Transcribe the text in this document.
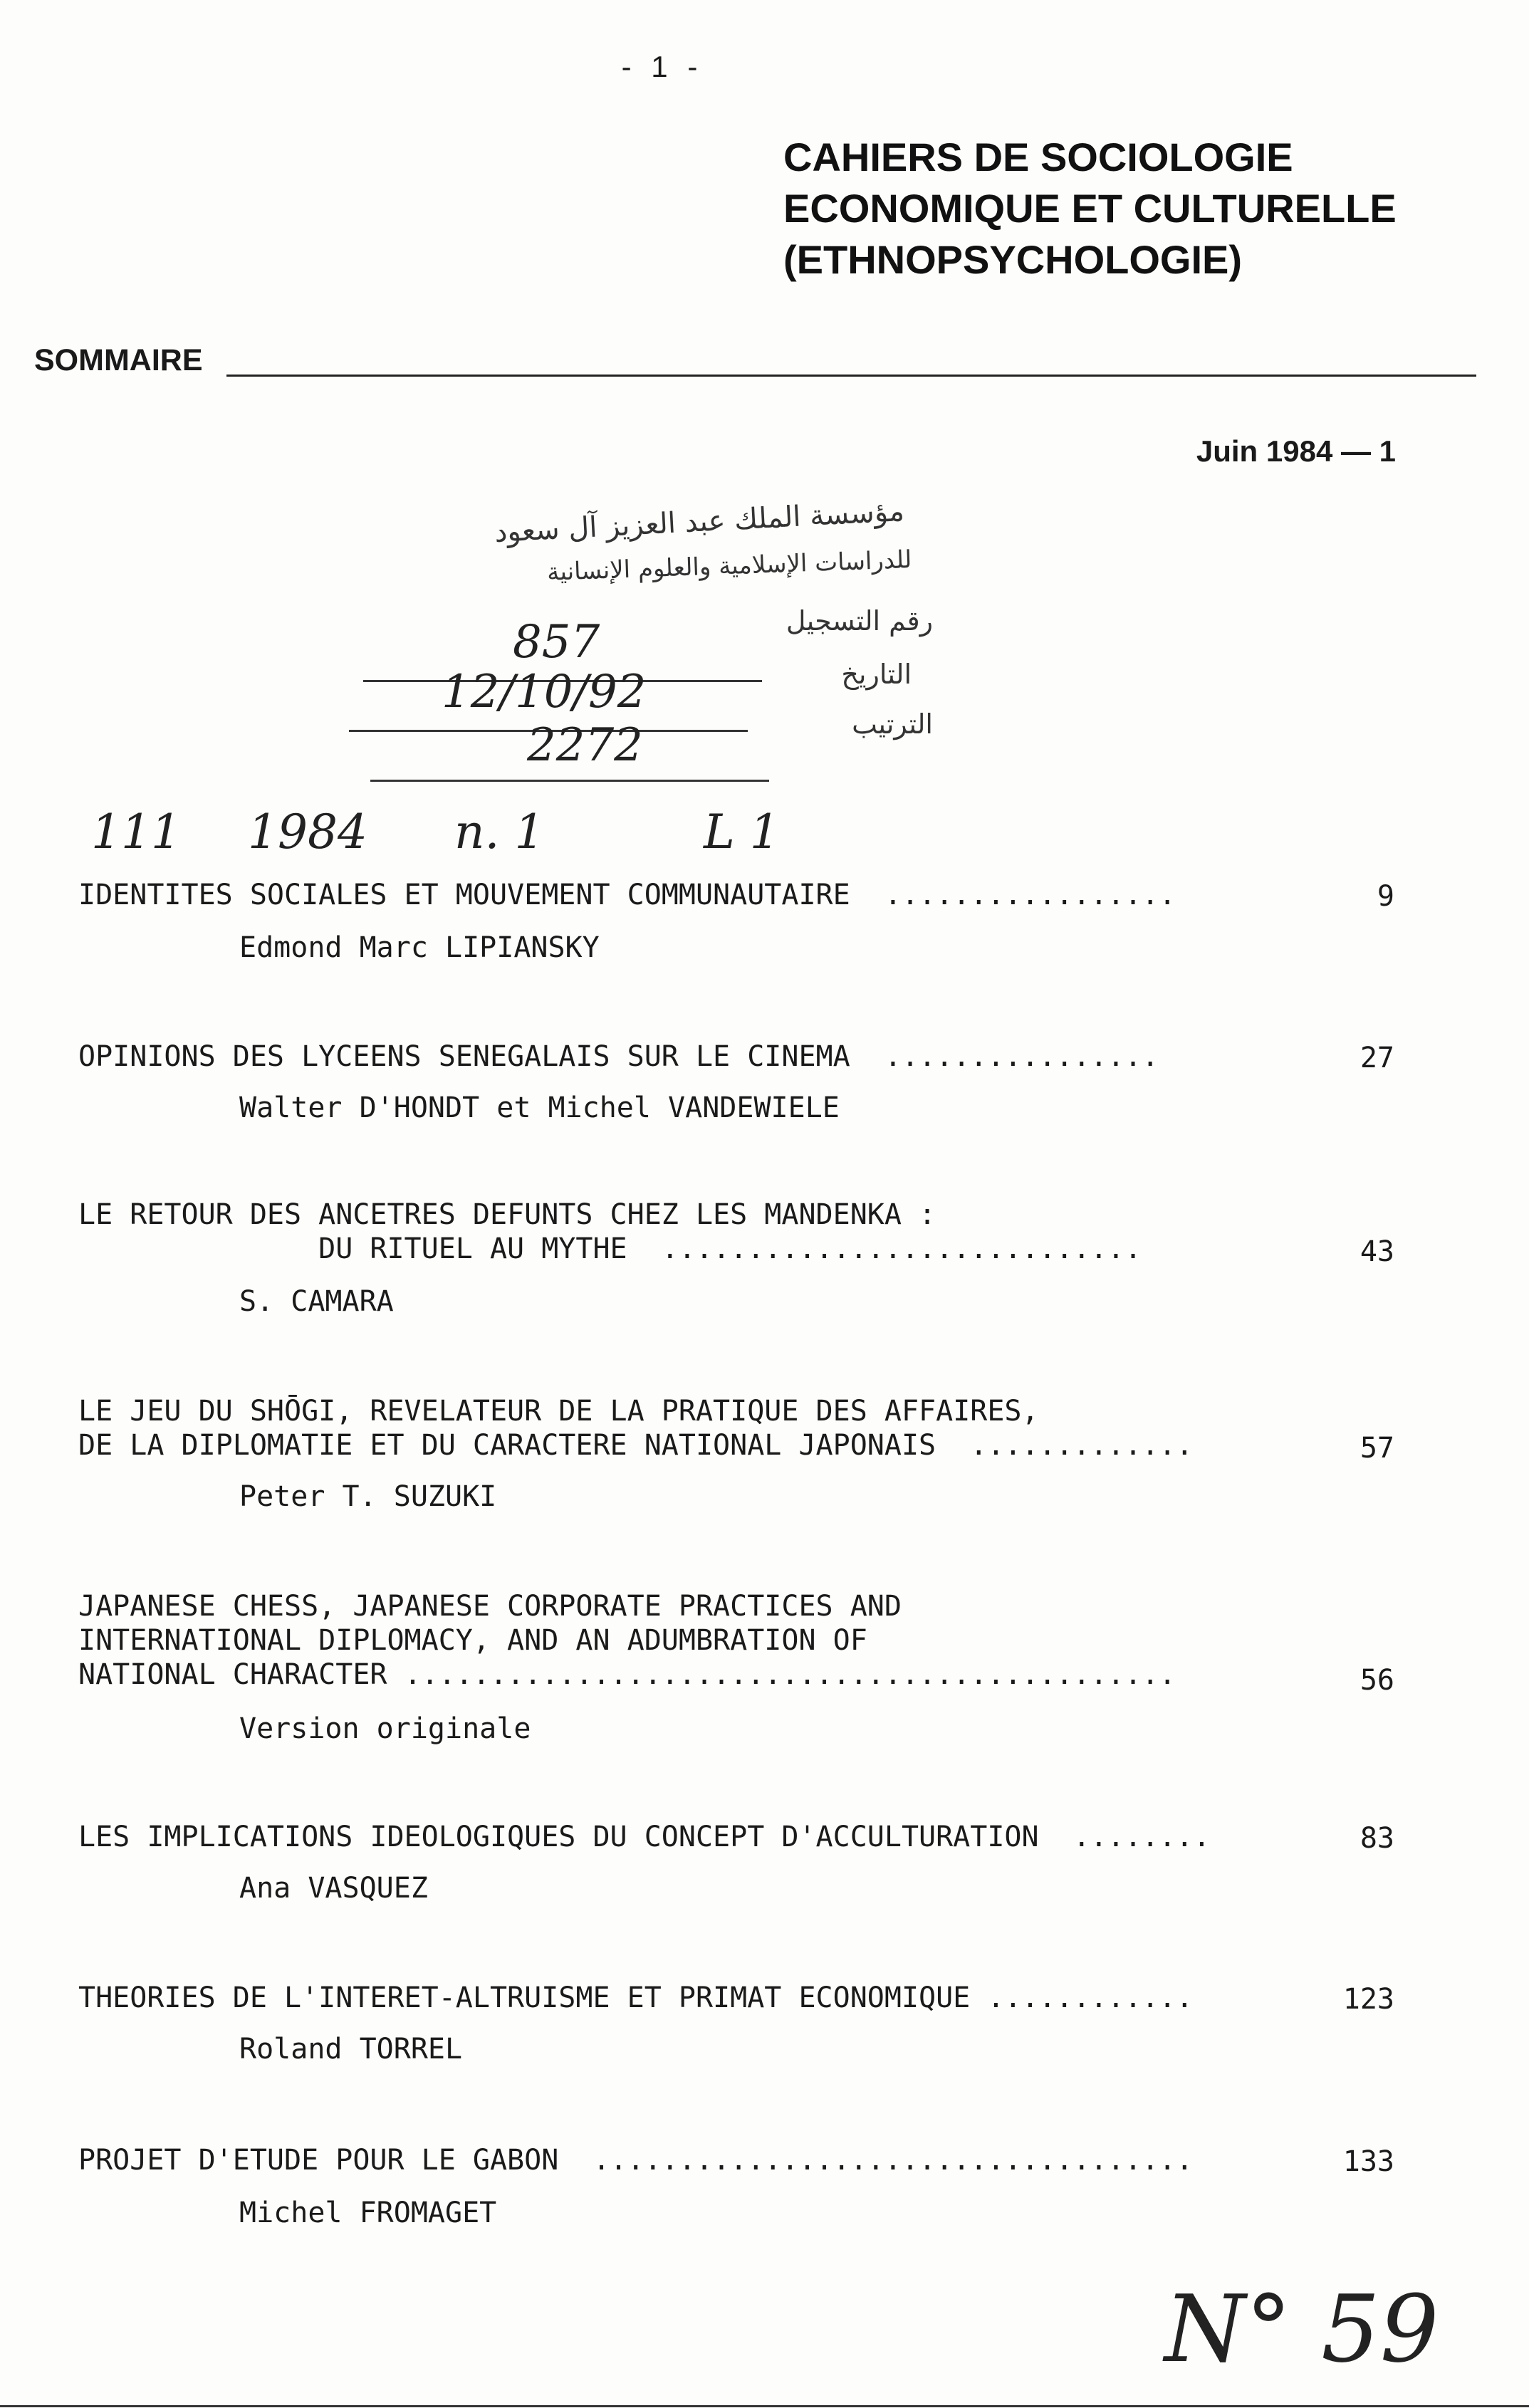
- 1 -
CAHIERS DE SOCIOLOGIE
ECONOMIQUE ET CULTURELLE
(ETHNOPSYCHOLOGIE)
SOMMAIRE
Juin 1984 — 1
مؤسسة الملك عبد العزيز آل سعود
للدراسات الإسلامية والعلوم الإنسانية
رقم التسجيل
التاريخ
الترتيب
857
12/10/92
2272
111 1984 n. 1	L 1
IDENTITES SOCIALES ET MOUVEMENT COMMUNAUTAIRE  .................	9
Edmond Marc LIPIANSKY
OPINIONS DES LYCEENS SENEGALAIS SUR LE CINEMA  ................	27
Walter D'HONDT et Michel VANDEWIELE
LE RETOUR DES ANCETRES DEFUNTS CHEZ LES MANDENKA :
DU RITUEL AU MYTHE  ............................	43
S. CAMARA
LE JEU DU SHŌGI, REVELATEUR DE LA PRATIQUE DES AFFAIRES,
DE LA DIPLOMATIE ET DU CARACTERE NATIONAL JAPONAIS  .............	57
Peter T. SUZUKI
JAPANESE CHESS, JAPANESE CORPORATE PRACTICES AND
INTERNATIONAL DIPLOMACY, AND AN ADUMBRATION OF
NATIONAL CHARACTER .............................................	56
Version originale
LES IMPLICATIONS IDEOLOGIQUES DU CONCEPT D'ACCULTURATION  ........	83
Ana VASQUEZ
THEORIES DE L'INTERET-ALTRUISME ET PRIMAT ECONOMIQUE ............	123
Roland TORREL
PROJET D'ETUDE POUR LE GABON  ...................................	133
Michel FROMAGET
N° 59
